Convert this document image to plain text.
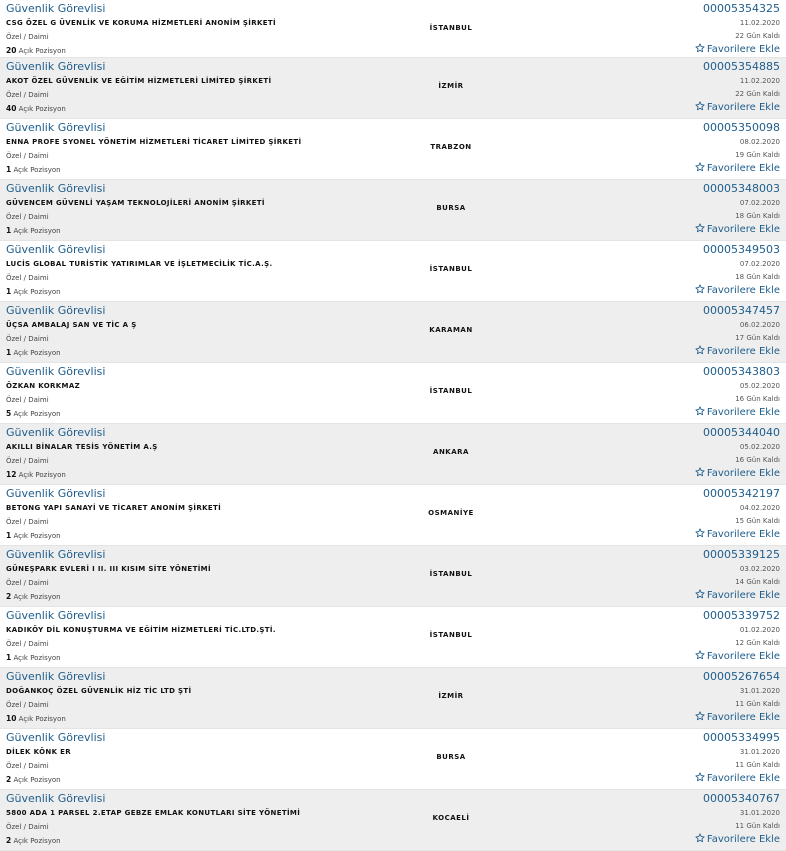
Güvenlik Görevlisi
CSG ÖZEL G ÜVENLİK VE KORUMA HİZMETLERİ ANONİM ŞİRKETİ
Özel / Daimi
20 Açık Pozisyon
İSTANBUL
00005354325
11.02.2020
22 Gün Kaldı
Favorilere Ekle
Güvenlik Görevlisi
AKOT ÖZEL GÜVENLİK VE EĞİTİM HİZMETLERİ LİMİTED ŞİRKETİ
Özel / Daimi
40 Açık Pozisyon
İZMİR
00005354885
11.02.2020
22 Gün Kaldı
Favorilere Ekle
Güvenlik Görevlisi
ENNA PROFE SYONEL YÖNETİM HİZMETLERİ TİCARET LİMİTED ŞİRKETİ
Özel / Daimi
1 Açık Pozisyon
TRABZON
00005350098
08.02.2020
19 Gün Kaldı
Favorilere Ekle
Güvenlik Görevlisi
GÜVENCEM GÜVENLİ YAŞAM TEKNOLOJİLERİ ANONİM ŞİRKETİ
Özel / Daimi
1 Açık Pozisyon
BURSA
00005348003
07.02.2020
18 Gün Kaldı
Favorilere Ekle
Güvenlik Görevlisi
LUCİS GLOBAL TURİSTİK YATIRIMLAR VE İŞLETMECİLİK TİC.A.Ş.
Özel / Daimi
1 Açık Pozisyon
İSTANBUL
00005349503
07.02.2020
18 Gün Kaldı
Favorilere Ekle
Güvenlik Görevlisi
ÜÇSA AMBALAJ SAN VE TİC A Ş
Özel / Daimi
1 Açık Pozisyon
KARAMAN
00005347457
06.02.2020
17 Gün Kaldı
Favorilere Ekle
Güvenlik Görevlisi
ÖZKAN KORKMAZ
Özel / Daimi
5 Açık Pozisyon
İSTANBUL
00005343803
05.02.2020
16 Gün Kaldı
Favorilere Ekle
Güvenlik Görevlisi
AKILLI BİNALAR TESİS YÖNETİM A.Ş
Özel / Daimi
12 Açık Pozisyon
ANKARA
00005344040
05.02.2020
16 Gün Kaldı
Favorilere Ekle
Güvenlik Görevlisi
BETONG YAPI SANAYİ VE TİCARET ANONİM ŞİRKETİ
Özel / Daimi
1 Açık Pozisyon
OSMANİYE
00005342197
04.02.2020
15 Gün Kaldı
Favorilere Ekle
Güvenlik Görevlisi
GÜNEŞPARK EVLERİ I II. III KISIM SİTE YÖNETİMİ
Özel / Daimi
2 Açık Pozisyon
İSTANBUL
00005339125
03.02.2020
14 Gün Kaldı
Favorilere Ekle
Güvenlik Görevlisi
KADIKÖY DİL KONUŞTURMA VE EĞİTİM HİZMETLERİ TİC.LTD.ŞTİ.
Özel / Daimi
1 Açık Pozisyon
İSTANBUL
00005339752
01.02.2020
12 Gün Kaldı
Favorilere Ekle
Güvenlik Görevlisi
DOĞANKOÇ ÖZEL GÜVENLİK HİZ TİC LTD ŞTİ
Özel / Daimi
10 Açık Pozisyon
İZMİR
00005267654
31.01.2020
11 Gün Kaldı
Favorilere Ekle
Güvenlik Görevlisi
DİLEK KÖNK ER
Özel / Daimi
2 Açık Pozisyon
BURSA
00005334995
31.01.2020
11 Gün Kaldı
Favorilere Ekle
Güvenlik Görevlisi
5800 ADA 1 PARSEL 2.ETAP GEBZE EMLAK KONUTLARI SİTE YÖNETİMİ
Özel / Daimi
2 Açık Pozisyon
KOCAELİ
00005340767
31.01.2020
11 Gün Kaldı
Favorilere Ekle
